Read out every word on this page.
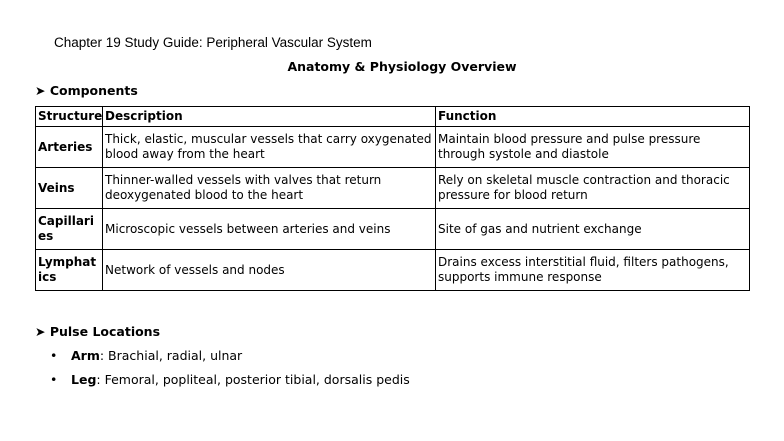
Chapter 19 Study Guide: Peripheral Vascular System
Anatomy & Physiology Overview
➤ Components
Structure	Description	Function
Arteries	Thick, elastic, muscular vessels that carry oxygenated blood away from the heart	Maintain blood pressure and pulse pressure through systole and diastole
Veins	Thinner-walled vessels with valves that return deoxygenated blood to the heart	Rely on skeletal muscle contraction and thoracic pressure for blood return
Capillaries	Microscopic vessels between arteries and veins	Site of gas and nutrient exchange
Lymphatics	Network of vessels and nodes	Drains excess interstitial fluid, filters pathogens, supports immune response
➤ Pulse Locations
• Arm: Brachial, radial, ulnar
• Leg: Femoral, popliteal, posterior tibial, dorsalis pedis
